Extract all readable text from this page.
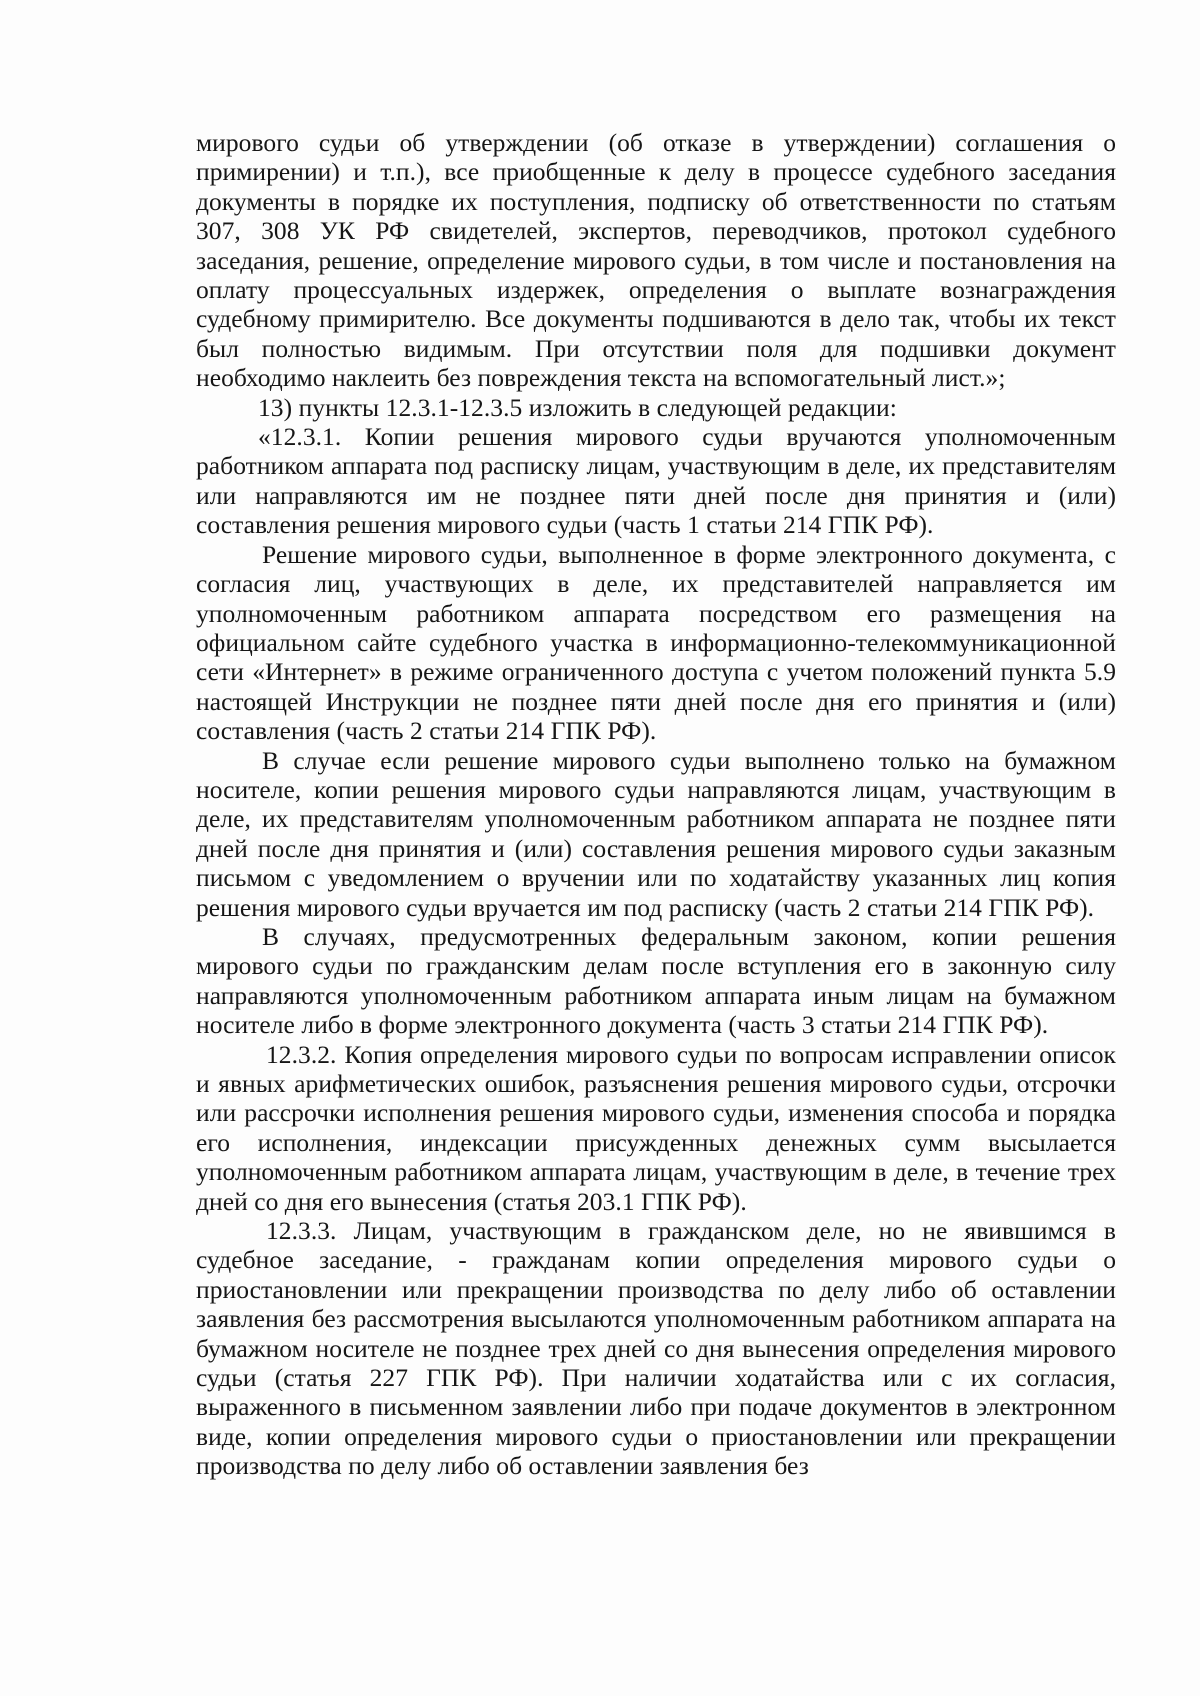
мирового судьи об утверждении (об отказе в утверждении) соглашения о примирении) и т.п.), все приобщенные к делу в процессе судебного заседания документы в порядке их поступления, подписку об ответственности по статьям 307, 308 УК РФ свидетелей, экспертов, переводчиков, протокол судебного заседания, решение, определение мирового судьи, в том числе и постановления на оплату процессуальных издержек, определения о выплате вознаграждения судебному примирителю. Все документы подшиваются в дело так, чтобы их текст был полностью видимым. При отсутствии поля для подшивки документ необходимо наклеить без повреждения текста на вспомогательный лист.»;

13) пункты 12.3.1-12.3.5 изложить в следующей редакции:

«12.3.1. Копии решения мирового судьи вручаются уполномоченным работником аппарата под расписку лицам, участвующим в деле, их представителям или направляются им не позднее пяти дней после дня принятия и (или) составления решения мирового судьи (часть 1 статьи 214 ГПК РФ).

Решение мирового судьи, выполненное в форме электронного документа, с согласия лиц, участвующих в деле, их представителей направляется им уполномоченным работником аппарата посредством его размещения на официальном сайте судебного участка в информационно-телекоммуникационной сети «Интернет» в режиме ограниченного доступа с учетом положений пункта 5.9 настоящей Инструкции не позднее пяти дней после дня его принятия и (или) составления (часть 2 статьи 214 ГПК РФ).

В случае если решение мирового судьи выполнено только на бумажном носителе, копии решения мирового судьи направляются лицам, участвующим в деле, их представителям уполномоченным работником аппарата не позднее пяти дней после дня принятия и (или) составления решения мирового судьи заказным письмом с уведомлением о вручении или по ходатайству указанных лиц копия решения мирового судьи вручается им под расписку (часть 2 статьи 214 ГПК РФ).

В случаях, предусмотренных федеральным законом, копии решения мирового судьи по гражданским делам после вступления его в законную силу направляются уполномоченным работником аппарата иным лицам на бумажном носителе либо в форме электронного документа (часть 3 статьи 214 ГПК РФ).

12.3.2. Копия определения мирового судьи по вопросам исправлении описок и явных арифметических ошибок, разъяснения решения мирового судьи, отсрочки или рассрочки исполнения решения мирового судьи, изменения способа и порядка его исполнения, индексации присужденных денежных сумм высылается уполномоченным работником аппарата лицам, участвующим в деле, в течение трех дней со дня его вынесения (статья 203.1 ГПК РФ).

12.3.3. Лицам, участвующим в гражданском деле, но не явившимся в судебное заседание, - гражданам копии определения мирового судьи о приостановлении или прекращении производства по делу либо об оставлении заявления без рассмотрения высылаются уполномоченным работником аппарата на бумажном носителе не позднее трех дней со дня вынесения определения мирового судьи (статья 227 ГПК РФ). При наличии ходатайства или с их согласия, выраженного в письменном заявлении либо при подаче документов в электронном виде, копии определения мирового судьи о приостановлении или прекращении производства по делу либо об оставлении заявления без
